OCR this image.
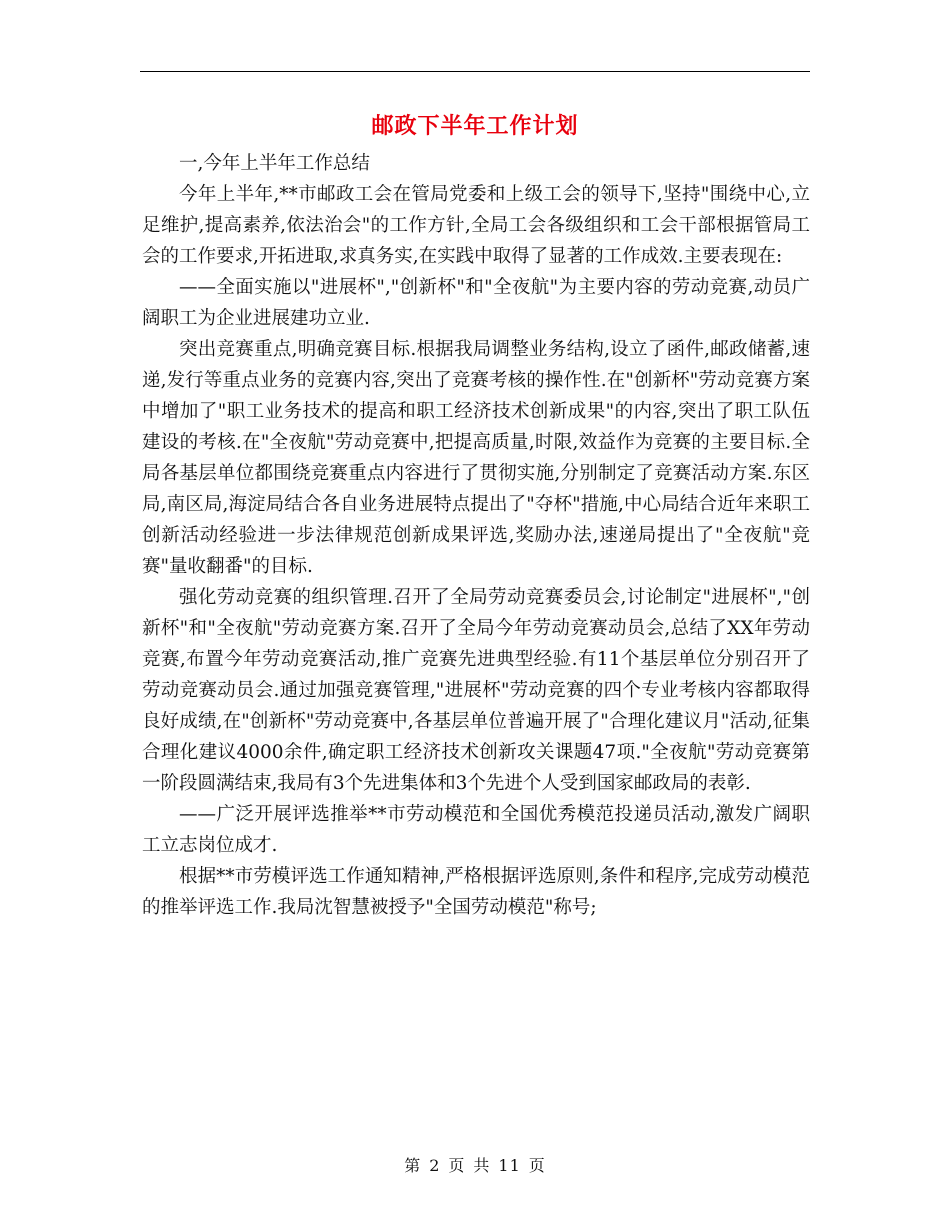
邮政下半年工作计划

一,今年上半年工作总结

今年上半年,**市邮政工会在管局党委和上级工会的领导下,坚持"围绕中心,立足维护,提高素养,依法治会"的工作方针,全局工会各级组织和工会干部根据管局工会的工作要求,开拓进取,求真务实,在实践中取得了显著的工作成效.主要表现在:

——全面实施以"进展杯","创新杯"和"全夜航"为主要内容的劳动竞赛,动员广阔职工为企业进展建功立业.

突出竞赛重点,明确竞赛目标.根据我局调整业务结构,设立了函件,邮政储蓄,速递,发行等重点业务的竞赛内容,突出了竞赛考核的操作性.在"创新杯"劳动竞赛方案中增加了"职工业务技术的提高和职工经济技术创新成果"的内容,突出了职工队伍建设的考核.在"全夜航"劳动竞赛中,把提高质量,时限,效益作为竞赛的主要目标.全局各基层单位都围绕竞赛重点内容进行了贯彻实施,分别制定了竞赛活动方案.东区局,南区局,海淀局结合各自业务进展特点提出了"夺杯"措施,中心局结合近年来职工创新活动经验进一步法律规范创新成果评选,奖励办法,速递局提出了"全夜航"竞赛"量收翻番"的目标.

强化劳动竞赛的组织管理.召开了全局劳动竞赛委员会,讨论制定"进展杯","创新杯"和"全夜航"劳动竞赛方案.召开了全局今年劳动竞赛动员会,总结了XX年劳动竞赛,布置今年劳动竞赛活动,推广竞赛先进典型经验.有11个基层单位分别召开了劳动竞赛动员会.通过加强竞赛管理,"进展杯"劳动竞赛的四个专业考核内容都取得良好成绩,在"创新杯"劳动竞赛中,各基层单位普遍开展了"合理化建议月"活动,征集合理化建议4000余件,确定职工经济技术创新攻关课题47项."全夜航"劳动竞赛第一阶段圆满结束,我局有3个先进集体和3个先进个人受到国家邮政局的表彰.

——广泛开展评选推举**市劳动模范和全国优秀模范投递员活动,激发广阔职工立志岗位成才.

根据**市劳模评选工作通知精神,严格根据评选原则,条件和程序,完成劳动模范的推举评选工作.我局沈智慧被授予"全国劳动模范"称号;

第 2 页 共 11 页
